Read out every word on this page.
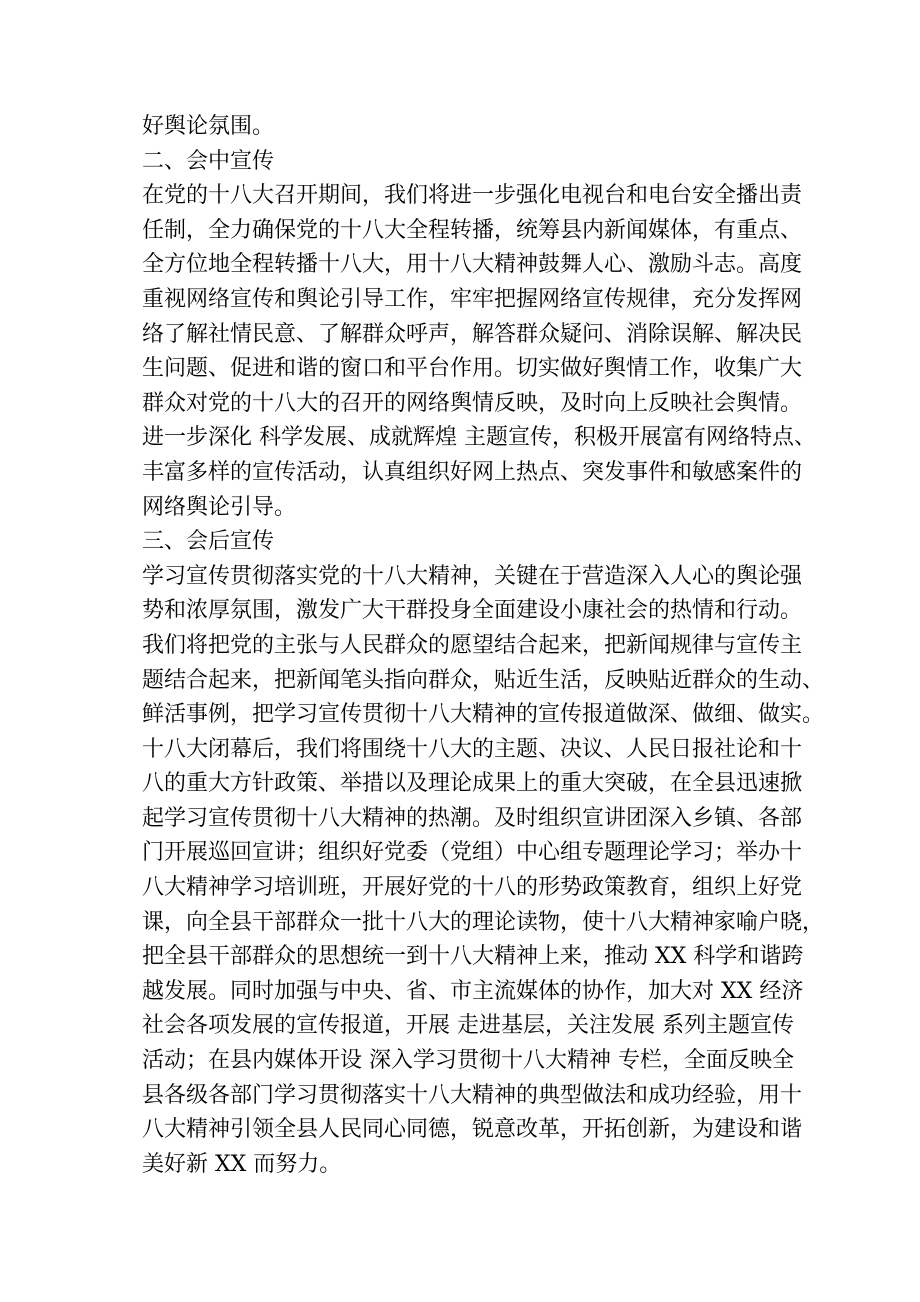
好舆论氛围。
二、会中宣传
在党的十八大召开期间，我们将进一步强化电视台和电台安全播出责
任制，全力确保党的十八大全程转播，统筹县内新闻媒体，有重点、
全方位地全程转播十八大，用十八大精神鼓舞人心、激励斗志。高度
重视网络宣传和舆论引导工作，牢牢把握网络宣传规律，充分发挥网
络了解社情民意、了解群众呼声，解答群众疑问、消除误解、解决民
生问题、促进和谐的窗口和平台作用。切实做好舆情工作，收集广大
群众对党的十八大的召开的网络舆情反映，及时向上反映社会舆情。
进一步深化 科学发展、成就辉煌 主题宣传，积极开展富有网络特点、
丰富多样的宣传活动，认真组织好网上热点、突发事件和敏感案件的
网络舆论引导。
三、会后宣传
学习宣传贯彻落实党的十八大精神，关键在于营造深入人心的舆论强
势和浓厚氛围，激发广大干群投身全面建设小康社会的热情和行动。
我们将把党的主张与人民群众的愿望结合起来，把新闻规律与宣传主
题结合起来，把新闻笔头指向群众，贴近生活，反映贴近群众的生动、
鲜活事例，把学习宣传贯彻十八大精神的宣传报道做深、做细、做实。
十八大闭幕后，我们将围绕十八大的主题、决议、人民日报社论和十
八的重大方针政策、举措以及理论成果上的重大突破，在全县迅速掀
起学习宣传贯彻十八大精神的热潮。及时组织宣讲团深入乡镇、各部
门开展巡回宣讲；组织好党委（党组）中心组专题理论学习；举办十
八大精神学习培训班，开展好党的十八的形势政策教育，组织上好党
课，向全县干部群众一批十八大的理论读物，使十八大精神家喻户晓，
把全县干部群众的思想统一到十八大精神上来，推动 XX 科学和谐跨
越发展。同时加强与中央、省、市主流媒体的协作，加大对 XX 经济
社会各项发展的宣传报道，开展 走进基层，关注发展 系列主题宣传
活动；在县内媒体开设 深入学习贯彻十八大精神 专栏，全面反映全
县各级各部门学习贯彻落实十八大精神的典型做法和成功经验，用十
八大精神引领全县人民同心同德，锐意改革，开拓创新，为建设和谐
美好新 XX 而努力。
